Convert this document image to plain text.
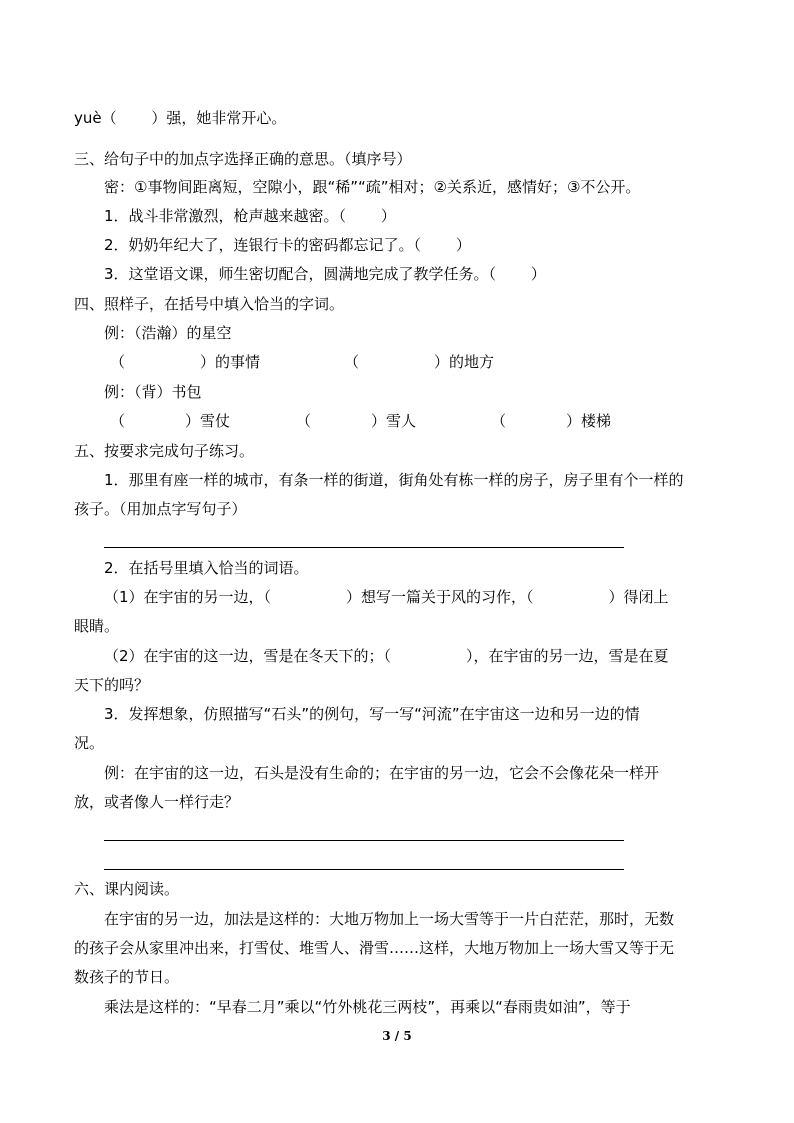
yuè（　　 ）强，她非常开心。
三、给句子中的加点字选择正确的意思。（填序号）
密：①事物间距离短，空隙小，跟“稀”“疏”相对；②关系近，感情好；③不公开。
1．战斗非常激烈，枪声越来越密。（　　 ）
2．奶奶年纪大了，连银行卡的密码都忘记了。（　　 ）
3．这堂语文课，师生密切配合，圆满地完成了教学任务。（　　 ）
四、照样子，在括号中填入恰当的字词。
例：（浩瀚）的星空
（　　　　　）的事情	（　　　　　）的地方
例：（背）书包
（　　　　）雪仗	（　　　　）雪人	（　　　　）楼梯
五、按要求完成句子练习。
1．那里有座一样的城市，有条一样的街道，街角处有栋一样的房子，房子里有个一样的
孩子。（用加点字写句子）
2．在括号里填入恰当的词语。
（1）在宇宙的另一边，（　　　　　）想写一篇关于风的习作，（　　　　　）得闭上
眼睛。
（2）在宇宙的这一边，雪是在冬天下的；（　　　　　），在宇宙的另一边，雪是在夏
天下的吗？
3．发挥想象，仿照描写“石头”的例句，写一写“河流”在宇宙这一边和另一边的情
况。
例：在宇宙的这一边，石头是没有生命的；在宇宙的另一边，它会不会像花朵一样开
放，或者像人一样行走？
六、课内阅读。
在宇宙的另一边，加法是这样的：大地万物加上一场大雪等于一片白茫茫，那时，无数
的孩子会从家里冲出来，打雪仗、堆雪人、滑雪……这样，大地万物加上一场大雪又等于无
数孩子的节日。
乘法是这样的：“早春二月”乘以“竹外桃花三两枝”，再乘以“春雨贵如油”，等于
3 / 5
